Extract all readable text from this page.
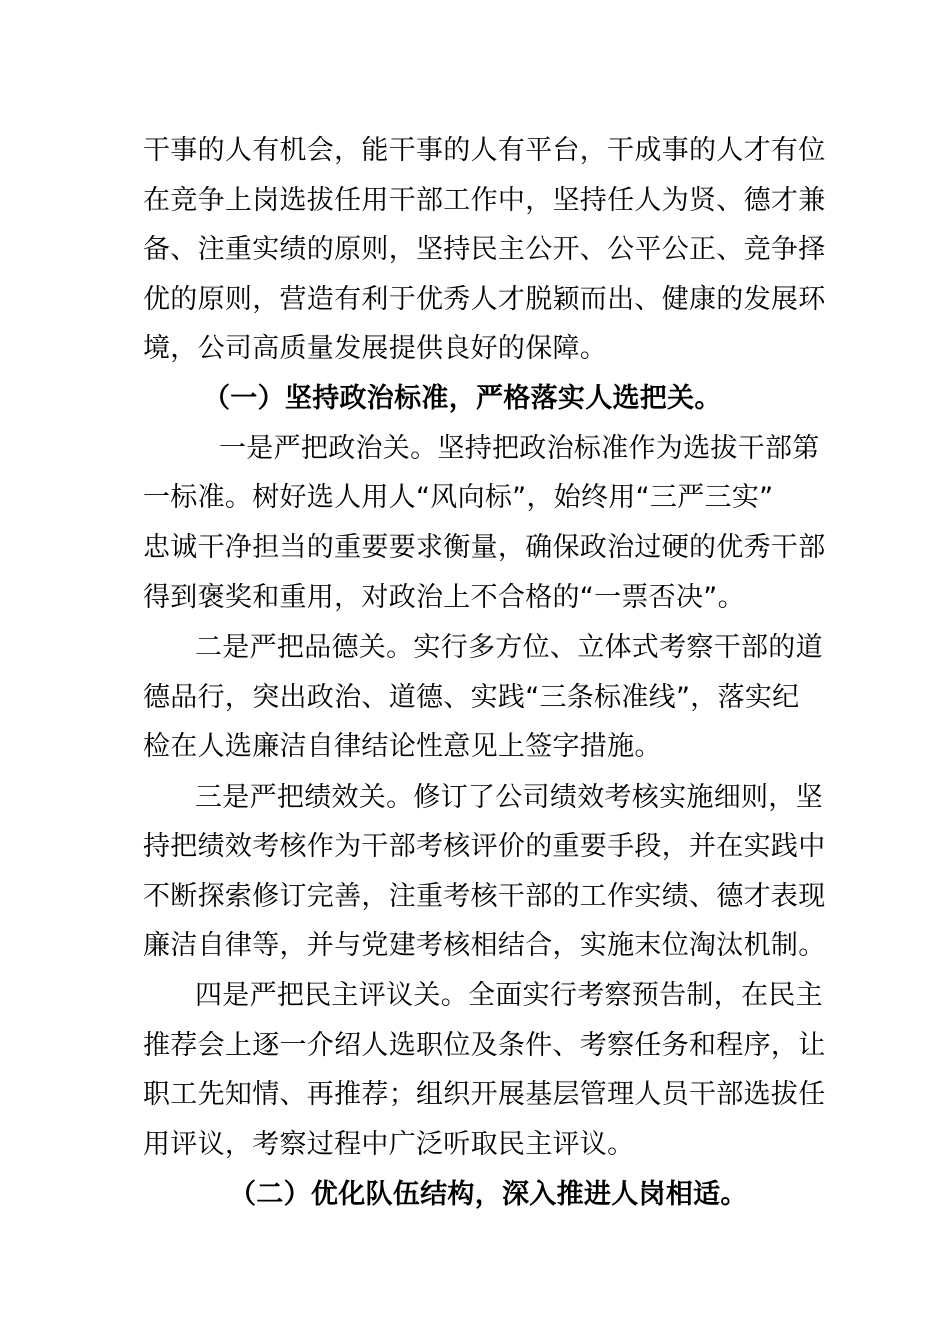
干事的人有机会，能干事的人有平台，干成事的人才有位
在竞争上岗选拔任用干部工作中，坚持任人为贤、德才兼
备、注重实绩的原则，坚持民主公开、公平公正、竞争择
优的原则，营造有利于优秀人才脱颖而出、健康的发展环
境，公司高质量发展提供良好的保障。
（一）坚持政治标准，严格落实人选把关。
一是严把政治关。坚持把政治标准作为选拔干部第
一标准。树好选人用人“风向标”，始终用“三严三实”
忠诚干净担当的重要要求衡量，确保政治过硬的优秀干部
得到褒奖和重用，对政治上不合格的“一票否决”。
二是严把品德关。实行多方位、立体式考察干部的道
德品行，突出政治、道德、实践“三条标准线”，落实纪
检在人选廉洁自律结论性意见上签字措施。
三是严把绩效关。修订了公司绩效考核实施细则，坚
持把绩效考核作为干部考核评价的重要手段，并在实践中
不断探索修订完善，注重考核干部的工作实绩、德才表现
廉洁自律等，并与党建考核相结合，实施末位淘汰机制。
四是严把民主评议关。全面实行考察预告制，在民主
推荐会上逐一介绍人选职位及条件、考察任务和程序，让
职工先知情、再推荐；组织开展基层管理人员干部选拔任
用评议，考察过程中广泛听取民主评议。
（二）优化队伍结构，深入推进人岗相适。
